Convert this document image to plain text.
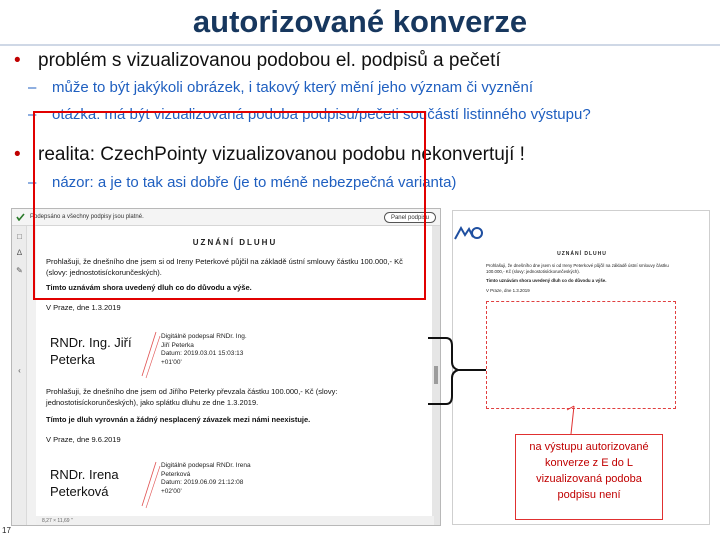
autorizované konverze
• problém s vizualizovanou podobou el. podpisů a pečetí
– může to být jakýkoli obrázek, i takový který mění jeho význam či vyznění
– otázka: má být vizualizovaná podoba podpisu/pečeti součástí listinného výstupu?
• realita: CzechPointy vizualizovanou podobu nekonvertují !
– názor: a je to tak asi dobře (je to méně nebezpečná varianta)
Podepsáno a všechny podpisy jsou platné.	Panel podpisu
□
∆
✎
‹
UZNÁNÍ DLUHU
Prohlašuji, že dnešního dne jsem si od Ireny Peterkové půjčil na základě ústní smlouvy částku 100.000,- Kč (slovy: jednostotisíckorunčeských).
Timto uznávám shora uvedený dluh co do důvodu a výše.
V Praze, dne 1.3.2019
RNDr. Ing. Jiří Peterka
Digitálně podepsal RNDr. Ing.
Jiří Peterka
Datum: 2019.03.01 15:03:13
+01'00'
Prohlašuji, že dnešního dne jsem od Jiřího Peterky převzala částku 100.000,- Kč (slovy: jednostotisíckorunčeských), jako splátku dluhu ze dne 1.3.2019.
Tímto je dluh vyrovnán a žádný nesplacený závazek mezi námi neexistuje.
V Praze, dne 9.6.2019
RNDr. Irena Peterková
Digitálně podepsal RNDr. Irena
Peterková
Datum: 2019.06.09 21:12:08
+02'00'
8,27 × 11,69 "
UZNÁNÍ DLUHU
Prohlašuji, že dnešního dne jsem si od Ireny Peterkové půjčil na základě ústní smlouvy částku 100.000,- Kč (slovy: jednostotisíckorunčeských).
Timto uznávám shora uvedený dluh co do důvodu a výše.
V Praze, dne 1.3.2019
na výstupu autorizované konverze z E do L vizualizovaná podoba podpisu není
17
